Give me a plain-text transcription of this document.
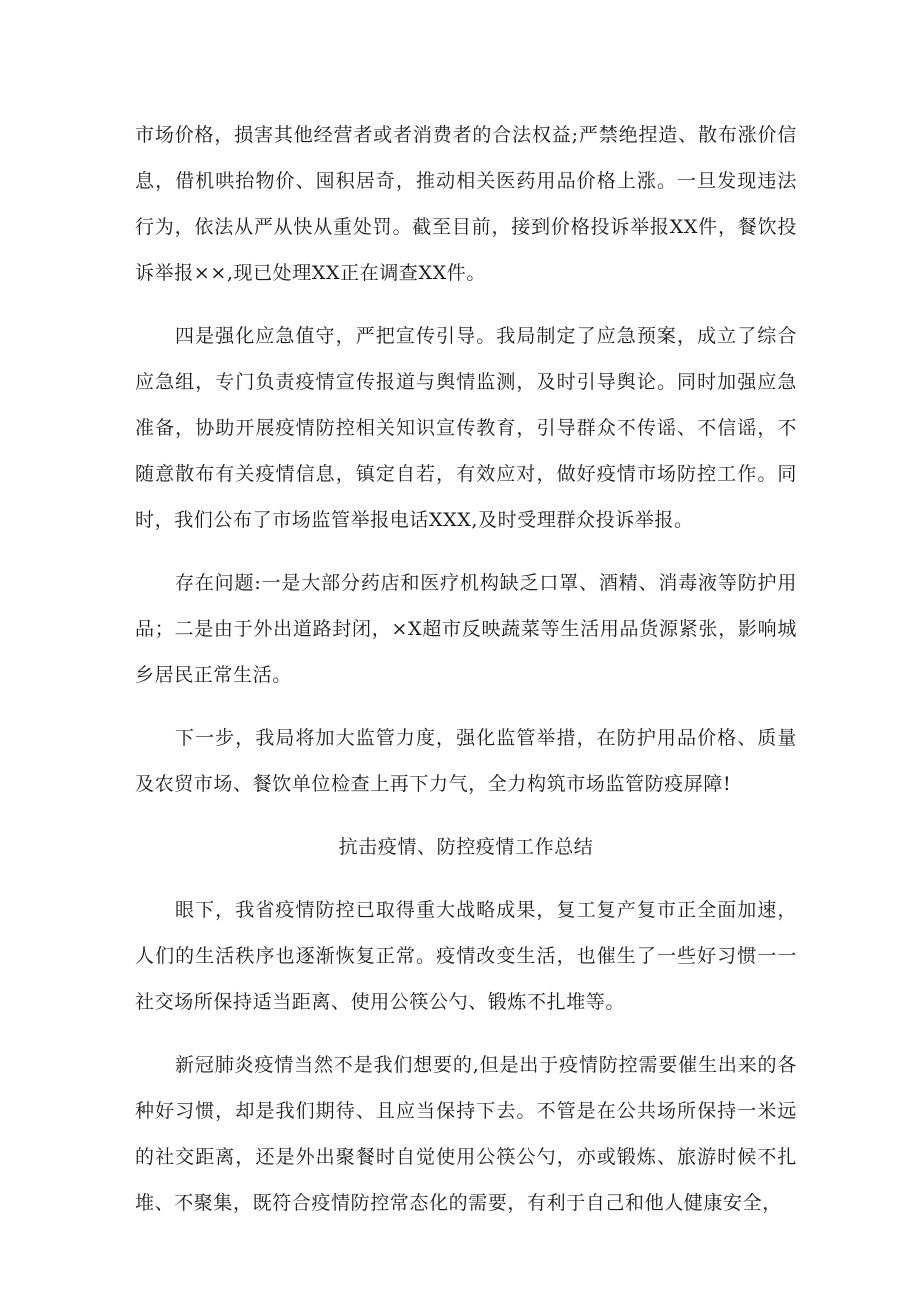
市场价格，损害其他经营者或者消费者的合法权益;严禁绝捏造、散布涨价信息，借机哄抬物价、囤积居奇，推动相关医药用品价格上涨。一旦发现违法行为，依法从严从快从重处罚。截至目前，接到价格投诉举报XX件，餐饮投诉举报××,现已处理XX正在调查XX件。

四是强化应急值守，严把宣传引导。我局制定了应急预案，成立了综合应急组，专门负责疫情宣传报道与舆情监测，及时引导舆论。同时加强应急准备，协助开展疫情防控相关知识宣传教育，引导群众不传谣、不信谣，不随意散布有关疫情信息，镇定自若，有效应对，做好疫情市场防控工作。同时，我们公布了市场监管举报电话XXX,及时受理群众投诉举报。

存在问题:一是大部分药店和医疗机构缺乏口罩、酒精、消毒液等防护用品；二是由于外出道路封闭，×X超市反映蔬菜等生活用品货源紧张，影响城乡居民正常生活。

下一步，我局将加大监管力度，强化监管举措，在防护用品价格、质量及农贸市场、餐饮单位检查上再下力气，全力构筑市场监管防疫屏障!

抗击疫情、防控疫情工作总结

眼下，我省疫情防控已取得重大战略成果，复工复产复市正全面加速，人们的生活秩序也逐渐恢复正常。疫情改变生活，也催生了一些好习惯一一社交场所保持适当距离、使用公筷公勺、锻炼不扎堆等。

新冠肺炎疫情当然不是我们想要的,但是出于疫情防控需要催生出来的各种好习惯，却是我们期待、且应当保持下去。不管是在公共场所保持一米远的社交距离，还是外出聚餐时自觉使用公筷公勺，亦或锻炼、旅游时候不扎堆、不聚集，既符合疫情防控常态化的需要，有利于自己和他人健康安全，
